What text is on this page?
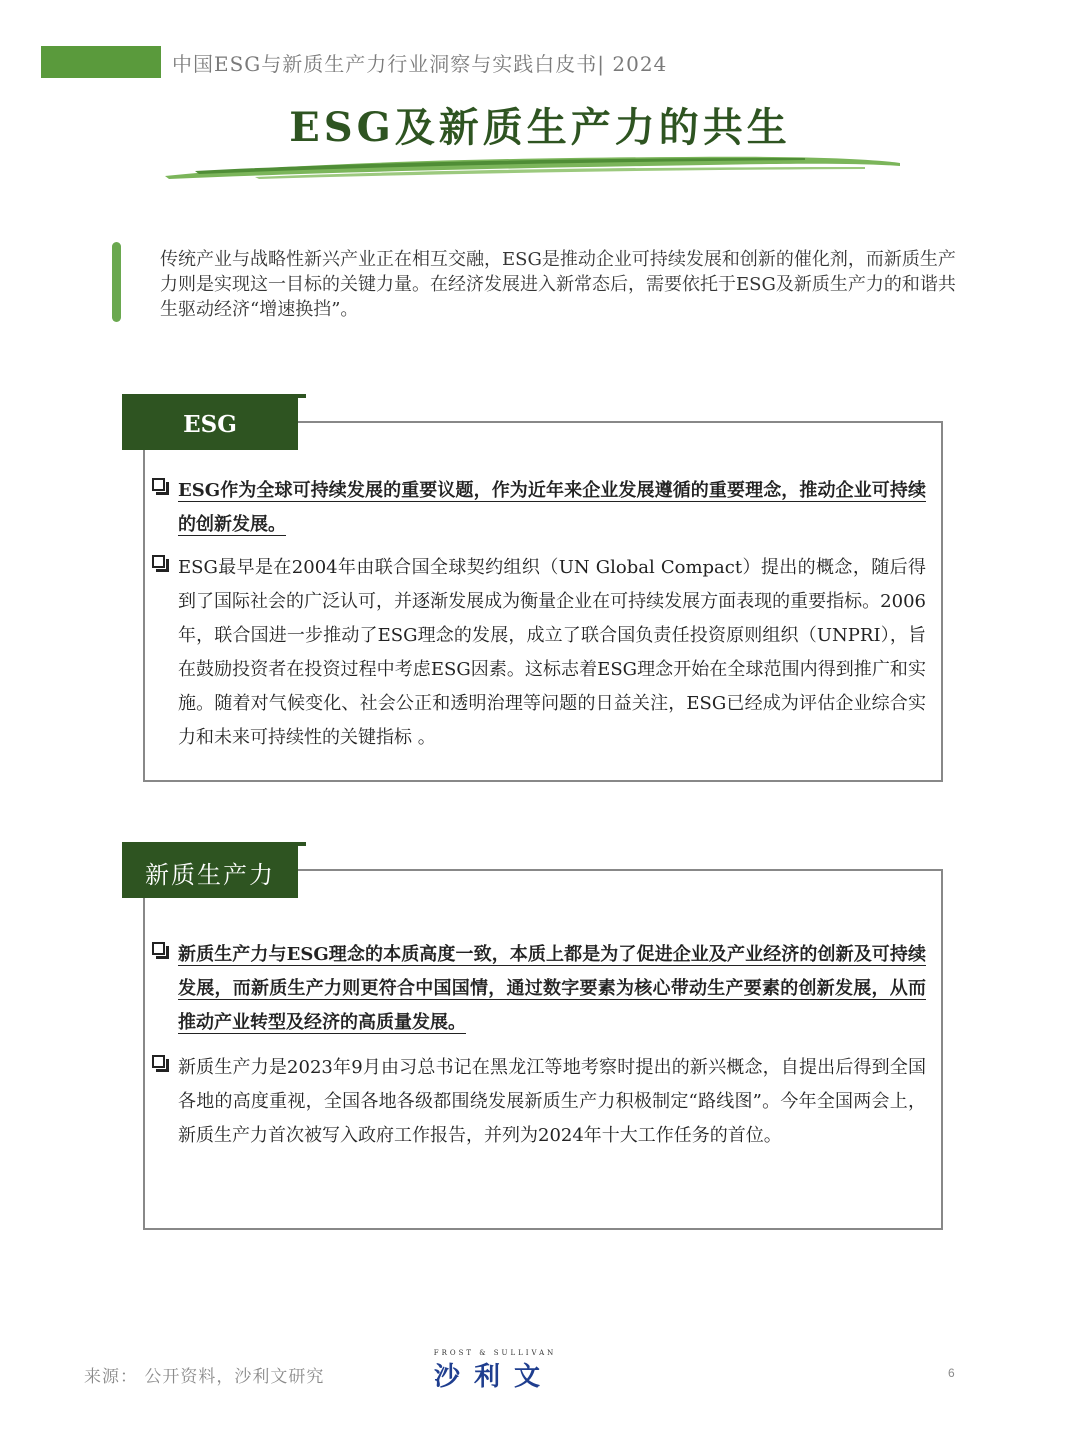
中国ESG与新质生产力行业洞察与实践白皮书| 2024
ESG及新质生产力的共生
传统产业与战略性新兴产业正在相互交融，ESG是推动企业可持续发展和创新的催化剂，而新质生产力则是实现这一目标的关键力量。在经济发展进入新常态后，需要依托于ESG及新质生产力的和谐共生驱动经济“增速换挡”。
ESG
ESG作为全球可持续发展的重要议题，作为近年来企业发展遵循的重要理念，推动企业可持续的创新发展。
ESG最早是在2004年由联合国全球契约组织（UN Global Compact）提出的概念，随后得到了国际社会的广泛认可，并逐渐发展成为衡量企业在可持续发展方面表现的重要指标。2006年，联合国进一步推动了ESG理念的发展，成立了联合国负责任投资原则组织（UNPRI），旨在鼓励投资者在投资过程中考虑ESG因素。这标志着ESG理念开始在全球范围内得到推广和实施。随着对气候变化、社会公正和透明治理等问题的日益关注，ESG已经成为评估企业综合实力和未来可持续性的关键指标 。
新质生产力
新质生产力与ESG理念的本质高度一致，本质上都是为了促进企业及产业经济的创新及可持续发展，而新质生产力则更符合中国国情，通过数字要素为核心带动生产要素的创新发展，从而推动产业转型及经济的高质量发展。
新质生产力是2023年9月由习总书记在黑龙江等地考察时提出的新兴概念，自提出后得到全国各地的高度重视，全国各地各级都围绕发展新质生产力积极制定“路线图”。今年全国两会上，新质生产力首次被写入政府工作报告，并列为2024年十大工作任务的首位。
来源： 公开资料，沙利文研究
FROST & SULLIVAN
沙利文	6
